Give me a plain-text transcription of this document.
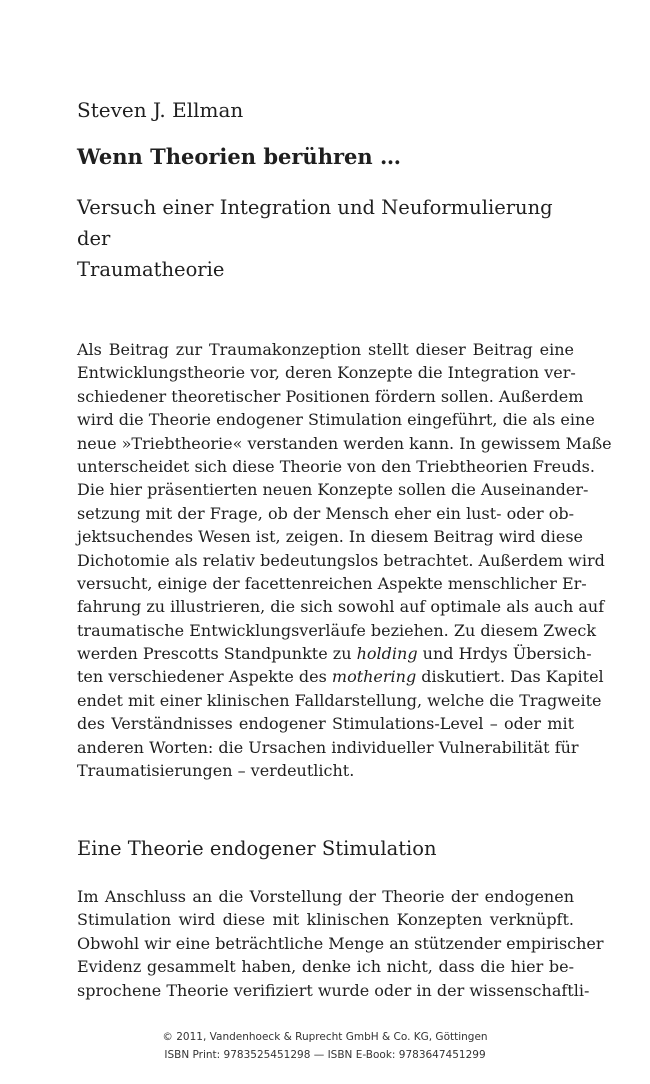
Steven J. Ellman
Wenn Theorien berühren …
Versuch einer Integration und Neuformulierung der
Traumatheorie
Als Beitrag zur Traumakonzeption stellt dieser Beitrag eine
Entwicklungstheorie vor, deren Konzepte die Integration ver-
schiedener theoretischer Positionen fördern sollen. Außerdem
wird die Theorie endogener Stimulation eingeführt, die als eine
neue »Triebtheorie« verstanden werden kann. In gewissem Maße
unterscheidet sich diese Theorie von den Triebtheorien Freuds.
Die hier präsentierten neuen Konzepte sollen die Auseinander-
setzung mit der Frage, ob der Mensch eher ein lust- oder ob-
jektsuchendes Wesen ist, zeigen. In diesem Beitrag wird diese
Dichotomie als relativ bedeutungslos betrachtet. Außerdem wird
versucht, einige der facettenreichen Aspekte menschlicher Er-
fahrung zu illustrieren, die sich sowohl auf optimale als auch auf
traumatische Entwicklungsverläufe beziehen. Zu diesem Zweck
werden Prescotts Standpunkte zu holding und Hrdys Übersich-
ten verschiedener Aspekte des mothering diskutiert. Das Kapitel
endet mit einer klinischen Falldarstellung, welche die Tragweite
des Verständnisses endogener Stimulations-Level – oder mit
anderen Worten: die Ursachen individueller Vulnerabilität für
Traumatisierungen – verdeutlicht.
Eine Theorie endogener Stimulation
Im Anschluss an die Vorstellung der Theorie der endogenen
Stimulation wird diese mit klinischen Konzepten verknüpft.
Obwohl wir eine beträchtliche Menge an stützender empirischer
Evidenz gesammelt haben, denke ich nicht, dass die hier be-
sprochene Theorie verifiziert wurde oder in der wissenschaftli-
© 2011, Vandenhoeck & Ruprecht GmbH & Co. KG, Göttingen
ISBN Print: 9783525451298 — ISBN E-Book: 9783647451299
